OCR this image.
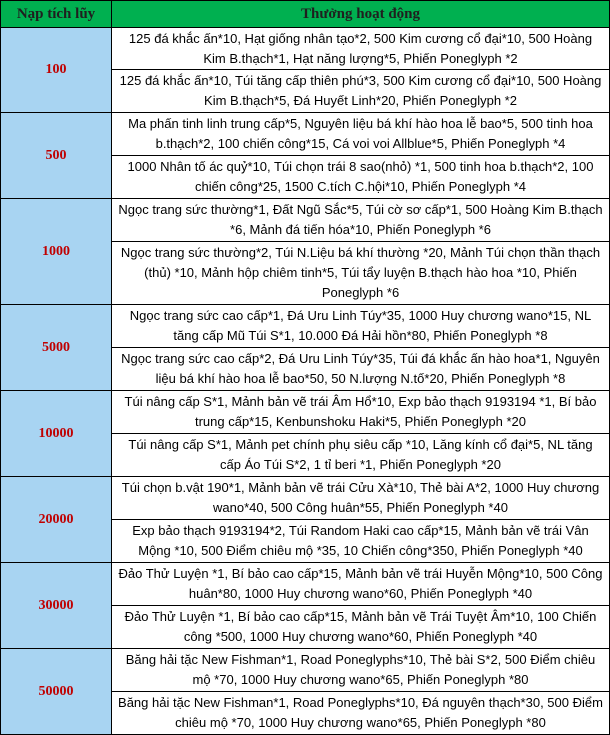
Nạp tích lũy	Thưởng hoạt động
100	125 đá khắc ấn*10, Hạt giống nhân tạo*2, 500 Kim cương cổ đại*10, 500 Hoàng Kim B.thạch*1, Hạt năng lượng*5, Phiến Poneglyph *2
	125 đá khắc ấn*10, Túi tăng cấp thiên phú*3, 500 Kim cương cổ đại*10, 500 Hoàng Kim B.thạch*5, Đá Huyết Linh*20, Phiến Poneglyph *2
500	Ma phấn tinh linh trung cấp*5, Nguyên liệu bá khí hào hoa lễ bao*5, 500 tinh hoa b.thạch*2, 100 chiến công*15, Cá voi voi Allblue*5, Phiến Poneglyph *4
	1000 Nhân tố ác quỷ*10, Túi chọn trái 8 sao(nhỏ) *1, 500 tinh hoa b.thạch*2, 100 chiến công*25, 1500 C.tích C.hội*10, Phiến Poneglyph *4
1000	Ngọc trang sức thường*1, Đất Ngũ Sắc*5, Túi cờ sơ cấp*1, 500 Hoàng Kim B.thạch *6, Mảnh đá tiến hóa*10, Phiến Poneglyph *6
	Ngọc trang sức thường*2, Túi N.Liệu bá khí thường *20, Mảnh Túi chọn thần thạch (thủ) *10, Mảnh hộp chiêm tinh*5, Túi tẩy luyện B.thạch hào hoa *10, Phiến Poneglyph *6
5000	Ngọc trang sức cao cấp*1, Đá Uru Linh Túy*35, 1000 Huy chương wano*15, NL tăng cấp Mũ Túi S*1, 10.000 Đá Hải hồn*80, Phiến Poneglyph *8
	Ngọc trang sức cao cấp*2, Đá Uru Linh Túy*35, Túi đá khắc ấn hào hoa*1, Nguyên liệu bá khí hào hoa lễ bao*50, 50 N.lượng N.tố*20, Phiến Poneglyph *8
10000	Túi nâng cấp S*1, Mảnh bản vẽ trái Âm Hổ*10, Exp bảo thạch 9193194 *1, Bí bảo trung cấp*15, Kenbunshoku Haki*5, Phiến Poneglyph *20
	Túi nâng cấp S*1, Mảnh pet chính phụ siêu cấp *10, Lăng kính cổ đại*5, NL tăng cấp Áo Túi S*2, 1 tỉ beri *1, Phiến Poneglyph *20
20000	Túi chọn b.vật 190*1, Mảnh bản vẽ trái Cửu Xà*10, Thẻ bài A*2, 1000 Huy chương wano*40, 500 Công huân*55, Phiến Poneglyph *40
	Exp bảo thạch 9193194*2, Túi Random Haki cao cấp*15, Mảnh bản vẽ trái Vân Mộng *10, 500 Điểm chiêu mộ *35, 10 Chiến công*350, Phiến Poneglyph *40
30000	Đảo Thử Luyện *1, Bí bảo cao cấp*15, Mảnh bản vẽ trái Huyễn Mộng*10, 500 Công huân*80, 1000 Huy chương wano*60, Phiến Poneglyph *40
	Đảo Thử Luyện *1, Bí bảo cao cấp*15, Mảnh bản vẽ Trái Tuyệt Âm*10, 100 Chiến công *500, 1000 Huy chương wano*60, Phiến Poneglyph *40
50000	Băng hải tặc New Fishman*1, Road Poneglyphs*10, Thẻ bài S*2, 500 Điểm chiêu mộ *70, 1000 Huy chương wano*65, Phiến Poneglyph *80
	Băng hải tặc New Fishman*1, Road Poneglyphs*10, Đá nguyên thạch*30, 500 Điểm chiêu mộ *70, 1000 Huy chương wano*65, Phiến Poneglyph *80
